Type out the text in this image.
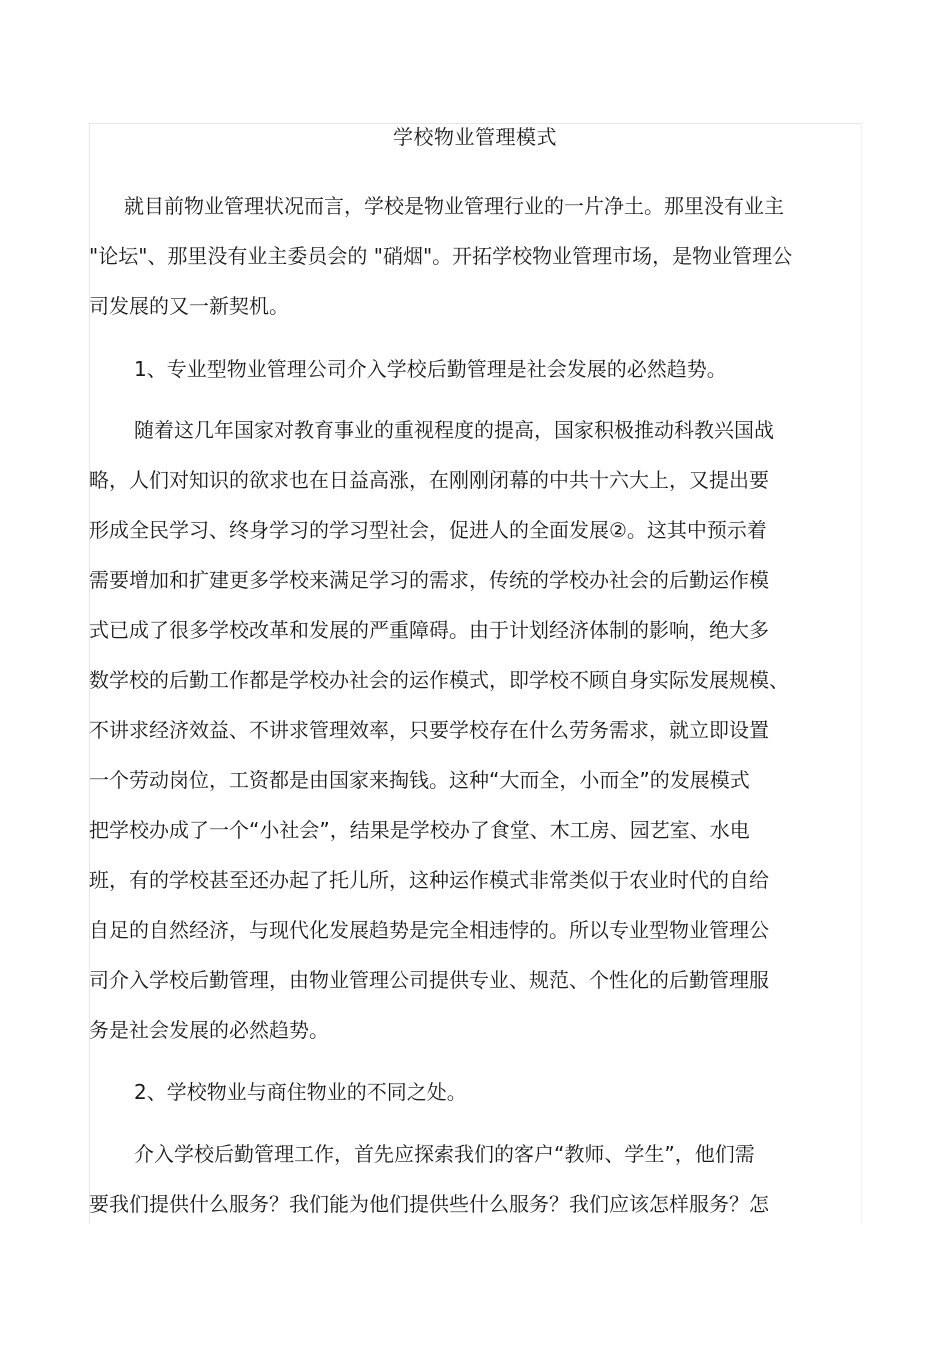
学校物业管理模式
就目前物业管理状况而言，学校是物业管理行业的一片净土。那里没有业主
"论坛"、那里没有业主委员会的 "硝烟"。开拓学校物业管理市场，是物业管理公
司发展的又一新契机。
1、专业型物业管理公司介入学校后勤管理是社会发展的必然趋势。
随着这几年国家对教育事业的重视程度的提高，国家积极推动科教兴国战
略，人们对知识的欲求也在日益高涨，在刚刚闭幕的中共十六大上，又提出要
形成全民学习、终身学习的学习型社会，促进人的全面发展②。这其中预示着
需要增加和扩建更多学校来满足学习的需求，传统的学校办社会的后勤运作模
式已成了很多学校改革和发展的严重障碍。由于计划经济体制的影响，绝大多
数学校的后勤工作都是学校办社会的运作模式，即学校不顾自身实际发展规模、
不讲求经济效益、不讲求管理效率，只要学校存在什么劳务需求，就立即设置
一个劳动岗位，工资都是由国家来掏钱。这种“大而全，小而全”的发展模式
把学校办成了一个“小社会”，结果是学校办了食堂、木工房、园艺室、水电
班，有的学校甚至还办起了托儿所，这种运作模式非常类似于农业时代的自给
自足的自然经济，与现代化发展趋势是完全相违悖的。所以专业型物业管理公
司介入学校后勤管理，由物业管理公司提供专业、规范、个性化的后勤管理服
务是社会发展的必然趋势。
2、学校物业与商住物业的不同之处。
介入学校后勤管理工作，首先应探索我们的客户“教师、学生”，他们需
要我们提供什么服务？我们能为他们提供些什么服务？我们应该怎样服务？怎
